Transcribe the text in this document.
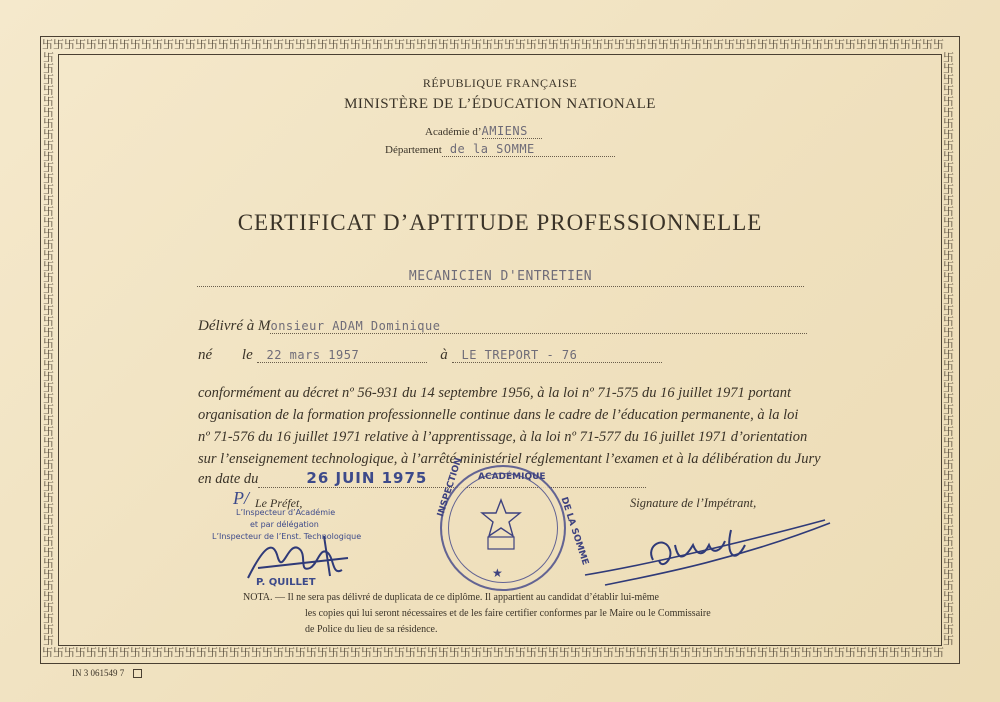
卐卐卐卐卐卐卐卐卐卐卐卐卐卐卐卐卐卐卐卐卐卐卐卐卐卐卐卐卐卐卐卐卐卐卐卐卐卐卐卐卐卐卐卐卐卐卐卐卐卐卐卐卐卐卐卐卐卐卐卐卐卐卐卐卐卐卐卐卐卐卐卐卐卐卐卐卐卐卐卐卐卐
卐卐卐卐卐卐卐卐卐卐卐卐卐卐卐卐卐卐卐卐卐卐卐卐卐卐卐卐卐卐卐卐卐卐卐卐卐卐卐卐卐卐卐卐卐卐卐卐卐卐卐卐卐卐卐卐卐卐卐卐卐卐卐卐卐卐卐卐卐卐卐卐卐卐卐卐卐卐卐卐卐卐
卐卐卐卐卐卐卐卐卐卐卐卐卐卐卐卐卐卐卐卐卐卐卐卐卐卐卐卐卐卐卐卐卐卐卐卐卐卐卐卐卐卐卐卐卐卐卐卐卐卐卐卐卐卐
卐卐卐卐卐卐卐卐卐卐卐卐卐卐卐卐卐卐卐卐卐卐卐卐卐卐卐卐卐卐卐卐卐卐卐卐卐卐卐卐卐卐卐卐卐卐卐卐卐卐卐卐卐卐
RÉPUBLIQUE FRANÇAISE
MINISTÈRE DE L’ÉDUCATION NATIONALE
Académie d’AMIENS
Département de la SOMME
CERTIFICAT D’APTITUDE PROFESSIONNELLE
MECANICIEN D'ENTRETIEN
Délivré à Monsieur ADAM Dominique
né le 22 mars 1957	à LE TREPORT - 76
conformément au décret nº 56-931 du 14 septembre 1956, à la loi nº 71-575 du 16 juillet 1971 portant
organisation de la formation professionnelle continue dans le cadre de l’éducation permanente, à la loi
nº 71-576 du 16 juillet 1971 relative à l’apprentissage, à la loi nº 71-577 du 16 juillet 1971 d’orientation
sur l’enseignement technologique, à l’arrêté ministériel réglementant l’examen et à la délibération du Jury
en date du	26 JUIN 1975
P/ Le Préfet,
L’Inspecteur d’Académie
et par délégation
L’Inspecteur de l’Enst. Technologique
P. QUILLET
ACADÉMIQUE
INSPECTION
DE LA SOMME
★
Signature de l’Impétrant,
NOTA. — Il ne sera pas délivré de duplicata de ce diplôme. Il appartient au candidat d’établir lui-même
les copies qui lui seront nécessaires et de les faire certifier conformes par le Maire ou le Commissaire
de Police du lieu de sa résidence.
IN 3 061549 7
